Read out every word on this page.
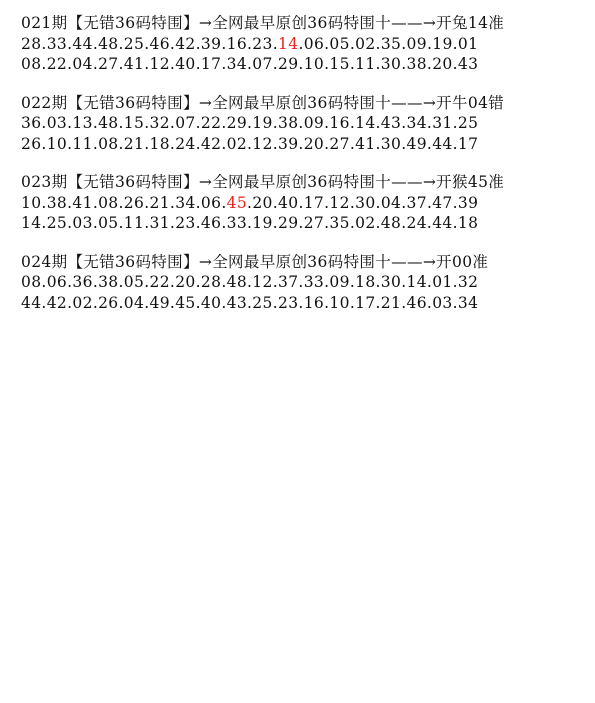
021期【无错36码特围】→全网最早原创36码特围十——→开兔14准
28.33.44.48.25.46.42.39.16.23.14.06.05.02.35.09.19.01
08.22.04.27.41.12.40.17.34.07.29.10.15.11.30.38.20.43
022期【无错36码特围】→全网最早原创36码特围十——→开牛04错
36.03.13.48.15.32.07.22.29.19.38.09.16.14.43.34.31.25
26.10.11.08.21.18.24.42.02.12.39.20.27.41.30.49.44.17
023期【无错36码特围】→全网最早原创36码特围十——→开猴45准
10.38.41.08.26.21.34.06.45.20.40.17.12.30.04.37.47.39
14.25.03.05.11.31.23.46.33.19.29.27.35.02.48.24.44.18
024期【无错36码特围】→全网最早原创36码特围十——→开00准
08.06.36.38.05.22.20.28.48.12.37.33.09.18.30.14.01.32
44.42.02.26.04.49.45.40.43.25.23.16.10.17.21.46.03.34
